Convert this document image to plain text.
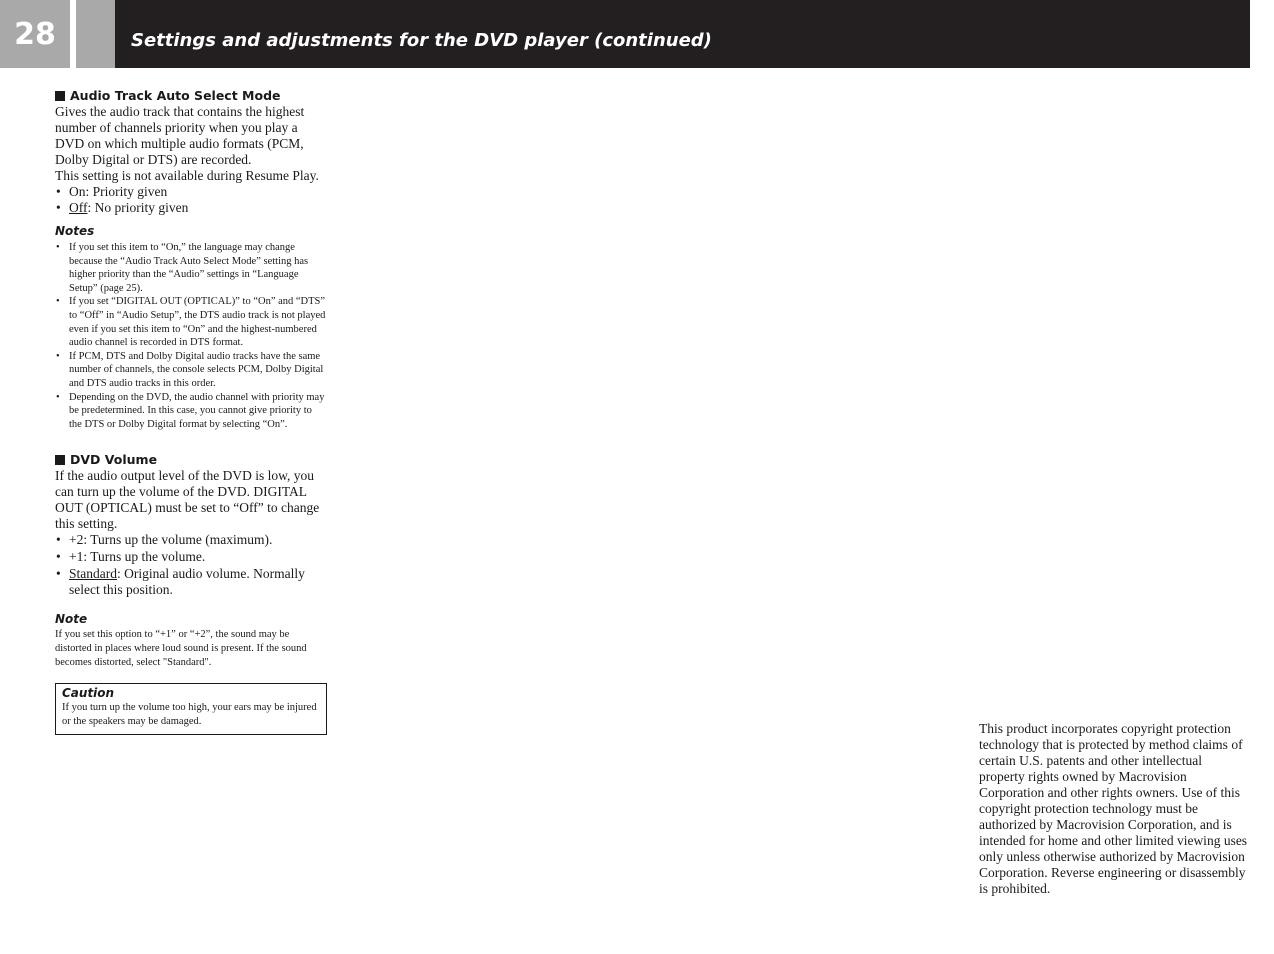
28	Settings and adjustments for the DVD player (continued)

Audio Track Auto Select Mode

Gives the audio track that contains the highest number of channels priority when you play a DVD on which multiple audio formats (PCM, Dolby Digital or DTS) are recorded.

This setting is not available during Resume Play.

• On: Priority given
• Off: No priority given

Notes

• If you set this item to “On,” the language may change because the “Audio Track Auto Select Mode” setting has higher priority than the “Audio” settings in “Language Setup” (page 25).
• If you set “DIGITAL OUT (OPTICAL)” to “On” and “DTS” to “Off” in “Audio Setup”, the DTS audio track is not played even if you set this item to “On” and the highest-numbered audio channel is recorded in DTS format.
• If PCM, DTS and Dolby Digital audio tracks have the same number of channels, the console selects PCM, Dolby Digital and DTS audio tracks in this order.
• Depending on the DVD, the audio channel with priority may be predetermined. In this case, you cannot give priority to the DTS or Dolby Digital format by selecting “On”.

DVD Volume

If the audio output level of the DVD is low, you can turn up the volume of the DVD. DIGITAL OUT (OPTICAL) must be set to “Off” to change this setting.

• +2: Turns up the volume (maximum).
• +1: Turns up the volume.
• Standard: Original audio volume. Normally select this position.

Note

If you set this option to “+1” or “+2”, the sound may be distorted in places where loud sound is present. If the sound becomes distorted, select "Standard".

Caution

If you turn up the volume too high, your ears may be injured or the speakers may be damaged.	This product incorporates copyright protection technology that is protected by method claims of certain U.S. patents and other intellectual property rights owned by Macrovision Corporation and other rights owners. Use of this copyright protection technology must be authorized by Macrovision Corporation, and is intended for home and other limited viewing uses only unless otherwise authorized by Macrovision Corporation. Reverse engineering or disassembly is prohibited.
